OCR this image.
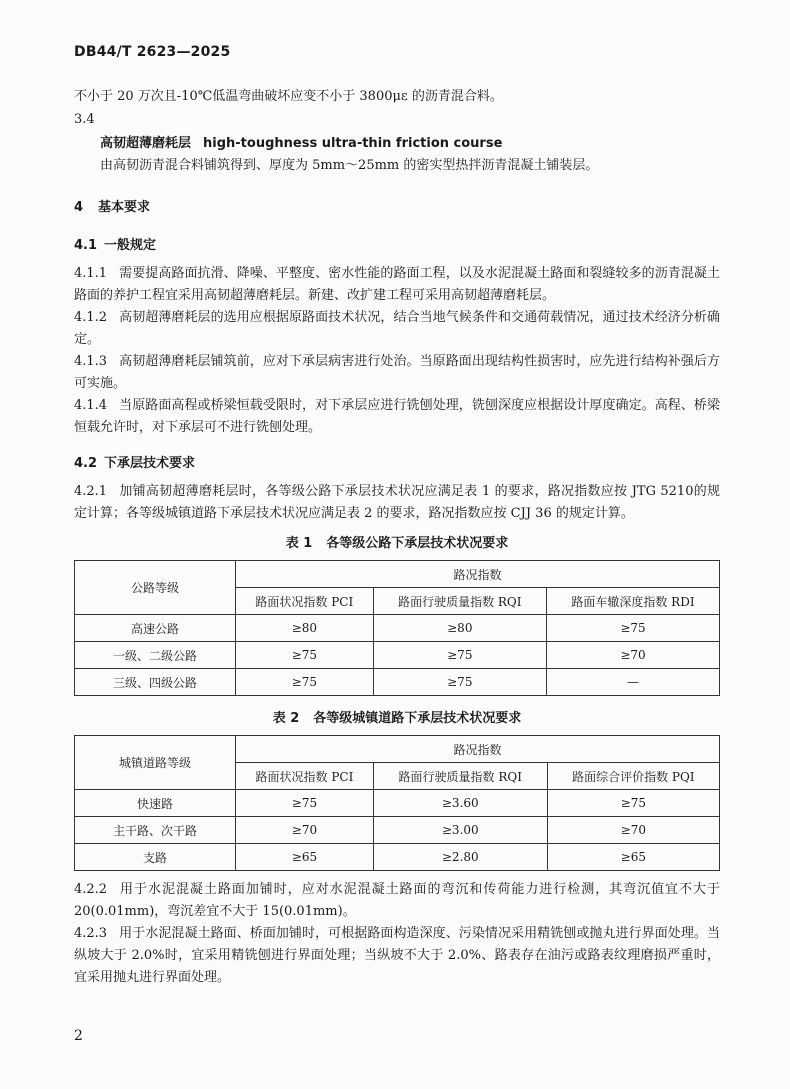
DB44/T 2623—2025

不小于 20 万次且-10℃低温弯曲破坏应变不小于 3800με 的沥青混合料。

3.4

高韧超薄磨耗层 high-toughness ultra-thin friction course

由高韧沥青混合料铺筑得到、厚度为 5mm～25mm 的密实型热拌沥青混凝土铺装层。

4 基本要求

4.1 一般规定

4.1.1 需要提高路面抗滑、降噪、平整度、密水性能的路面工程，以及水泥混凝土路面和裂缝较多的沥青混凝土路面的养护工程宜采用高韧超薄磨耗层。新建、改扩建工程可采用高韧超薄磨耗层。

4.1.2 高韧超薄磨耗层的选用应根据原路面技术状况，结合当地气候条件和交通荷载情况，通过技术经济分析确定。

4.1.3 高韧超薄磨耗层铺筑前，应对下承层病害进行处治。当原路面出现结构性损害时，应先进行结构补强后方可实施。

4.1.4 当原路面高程或桥梁恒载受限时，对下承层应进行铣刨处理，铣刨深度应根据设计厚度确定。高程、桥梁恒载允许时，对下承层可不进行铣刨处理。

4.2 下承层技术要求

4.2.1 加铺高韧超薄磨耗层时，各等级公路下承层技术状况应满足表 1 的要求，路况指数应按 JTG 5210的规定计算；各等级城镇道路下承层技术状况应满足表 2 的要求，路况指数应按 CJJ 36 的规定计算。

表 1 各等级公路下承层技术状况要求
公路等级	路况指数		
	路面状况指数 PCI	路面行驶质量指数 RQI	路面车辙深度指数 RDI
高速公路	≥80	≥80	≥75
一级、二级公路	≥75	≥75	≥70
三级、四级公路	≥75	≥75	—
表 2 各等级城镇道路下承层技术状况要求
城镇道路等级	路况指数		
	路面状况指数 PCI	路面行驶质量指数 RQI	路面综合评价指数 PQI
快速路	≥75	≥3.60	≥75
主干路、次干路	≥70	≥3.00	≥70
支路	≥65	≥2.80	≥65

4.2.2 用于水泥混凝土路面加铺时，应对水泥混凝土路面的弯沉和传荷能力进行检测，其弯沉值宜不大于 20(0.01mm)，弯沉差宜不大于 15(0.01mm)。

4.2.3 用于水泥混凝土路面、桥面加铺时，可根据路面构造深度、污染情况采用精铣刨或抛丸进行界面处理。当纵坡大于 2.0%时，宜采用精铣刨进行界面处理；当纵坡不大于 2.0%、路表存在油污或路表纹理磨损严重时，宜采用抛丸进行界面处理。

2
